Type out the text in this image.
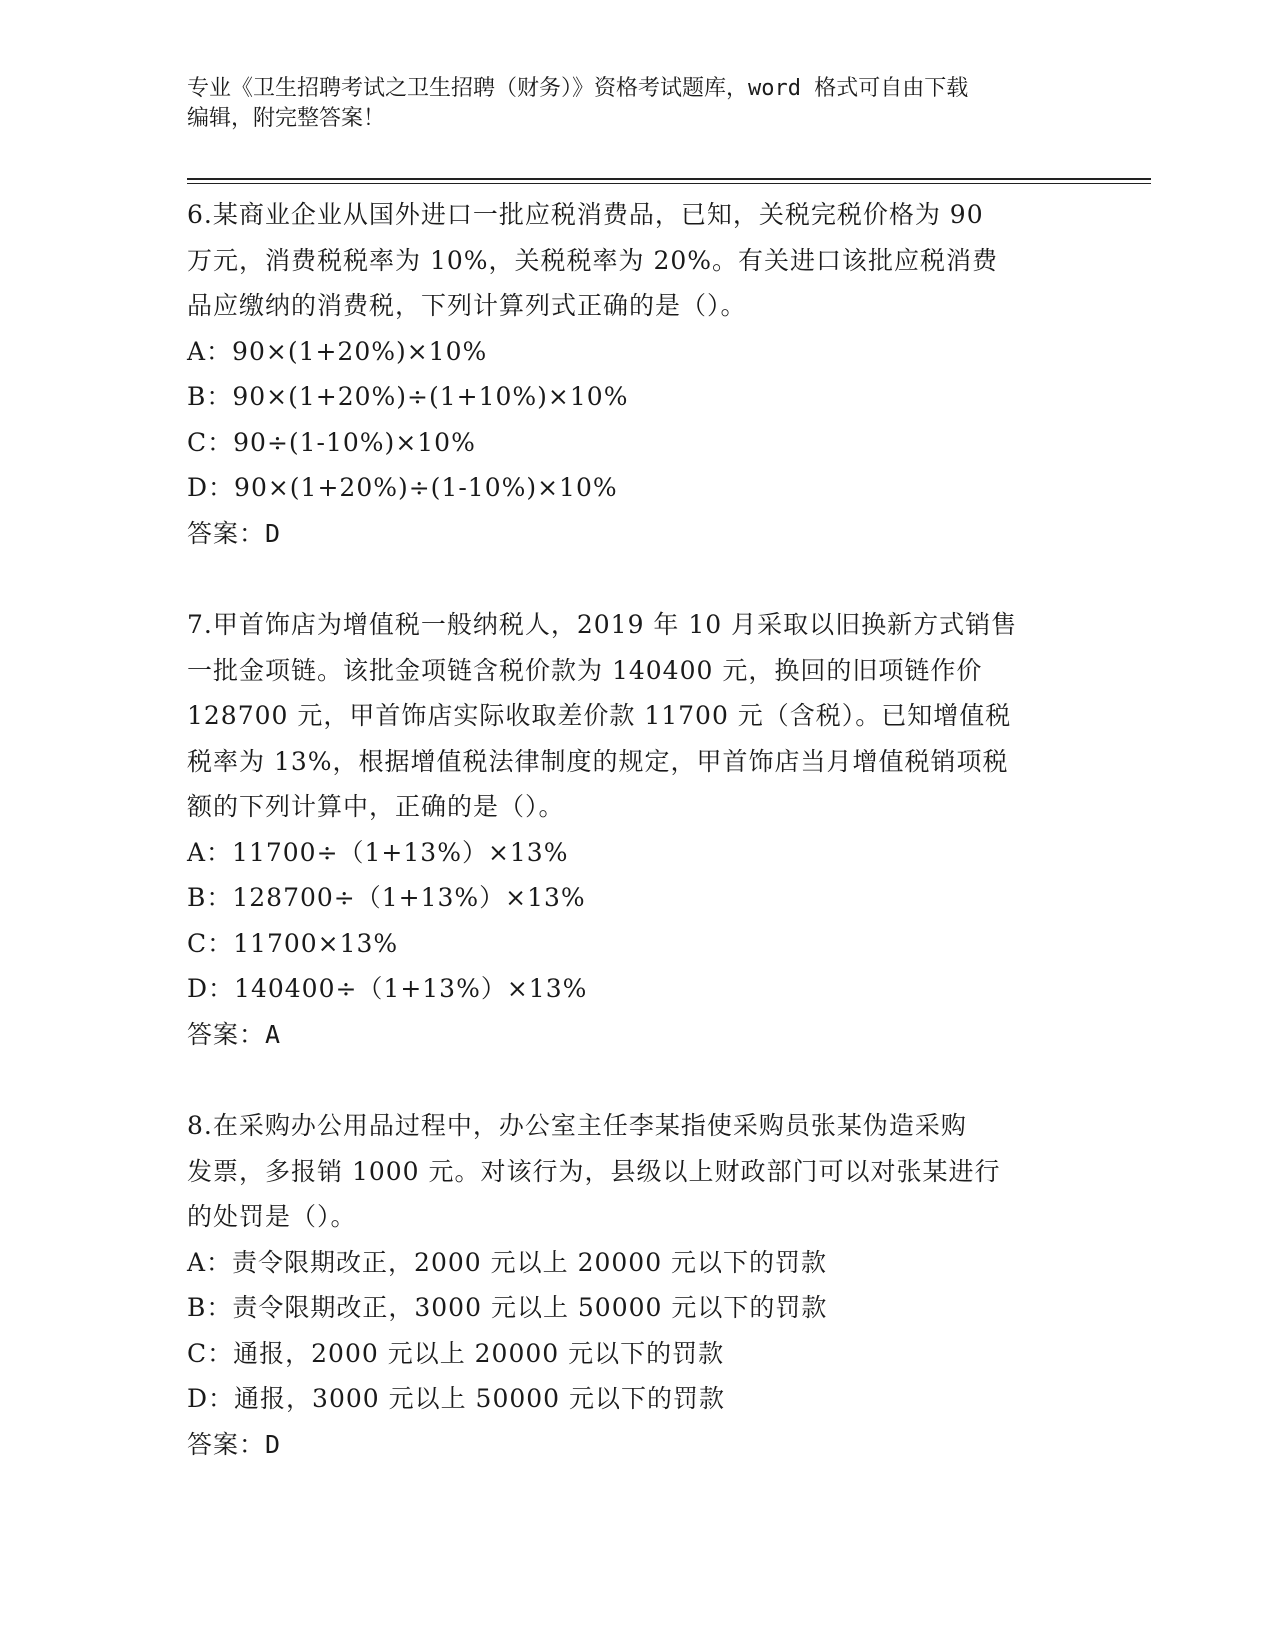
专业《卫生招聘考试之卫生招聘（财务）》资格考试题库，word 格式可自由下载

编辑，附完整答案！

6.某商业企业从国外进口一批应税消费品，已知，关税完税价格为 90

万元，消费税税率为 10%，关税税率为 20%。有关进口该批应税消费

品应缴纳的消费税，下列计算列式正确的是（）。

A：90×(1+20%)×10%

B：90×(1+20%)÷(1+10%)×10%

C：90÷(1-10%)×10%

D：90×(1+20%)÷(1-10%)×10%

答案：D

7.甲首饰店为增值税一般纳税人，2019 年 10 月采取以旧换新方式销售

一批金项链。该批金项链含税价款为 140400 元，换回的旧项链作价

128700 元，甲首饰店实际收取差价款 11700 元（含税）。已知增值税

税率为 13%，根据增值税法律制度的规定，甲首饰店当月增值税销项税

额的下列计算中，正确的是（）。

A：11700÷（1+13%）×13%

B：128700÷（1+13%）×13%

C：11700×13%

D：140400÷（1+13%）×13%

答案：A

8.在采购办公用品过程中，办公室主任李某指使采购员张某伪造采购

发票，多报销 1000 元。对该行为，县级以上财政部门可以对张某进行

的处罚是（）。

A：责令限期改正，2000 元以上 20000 元以下的罚款

B：责令限期改正，3000 元以上 50000 元以下的罚款

C：通报，2000 元以上 20000 元以下的罚款

D：通报，3000 元以上 50000 元以下的罚款

答案：D
